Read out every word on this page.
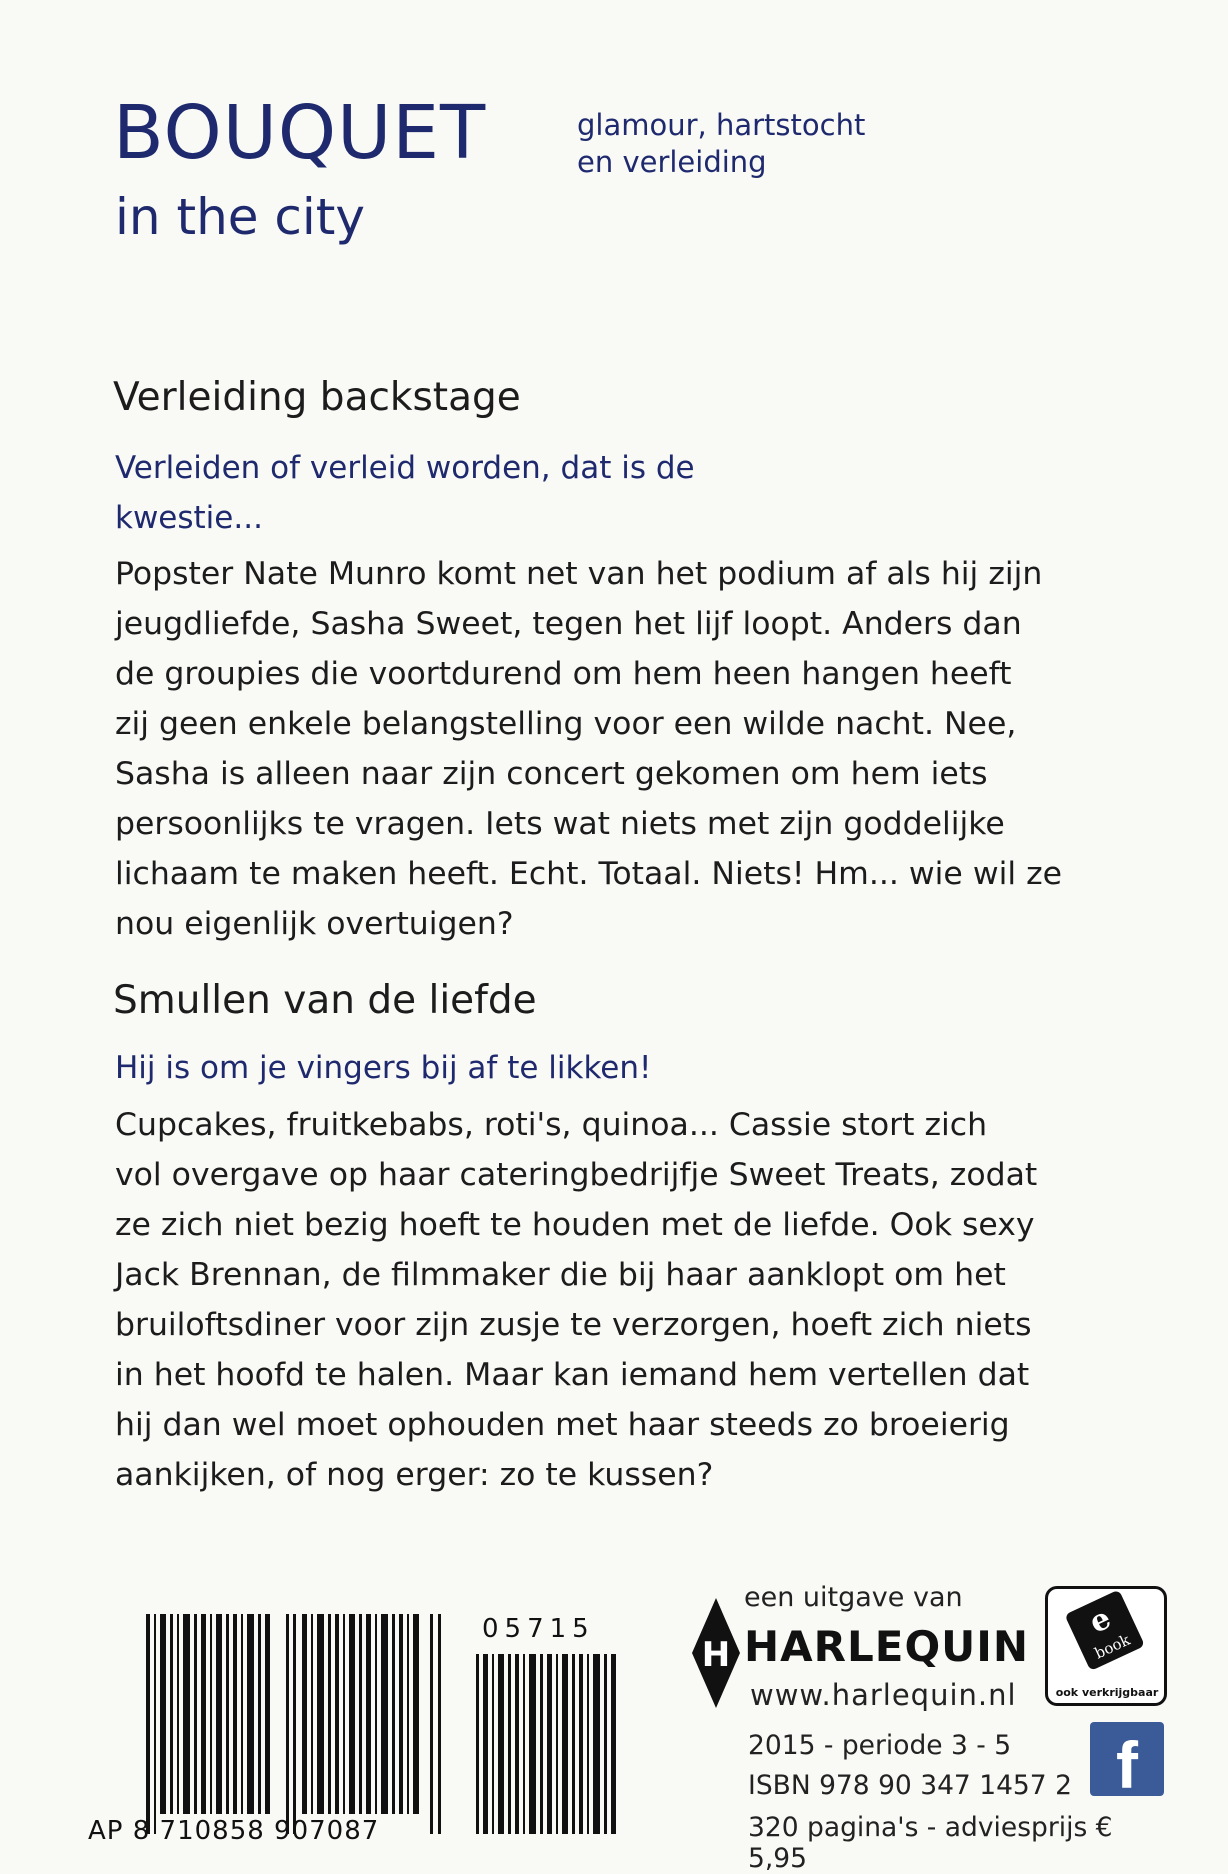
BOUQUET
in the city
glamour, hartstocht
en verleiding
Verleiding backstage
Verleiden of verleid worden, dat is de
kwestie...
Popster Nate Munro komt net van het podium af als hij zijn
jeugdliefde, Sasha Sweet, tegen het lijf loopt. Anders dan
de groupies die voortdurend om hem heen hangen heeft
zij geen enkele belangstelling voor een wilde nacht. Nee,
Sasha is alleen naar zijn concert gekomen om hem iets
persoonlijks te vragen. Iets wat niets met zijn goddelijke
lichaam te maken heeft. Echt. Totaal. Niets! Hm... wie wil ze
nou eigenlijk overtuigen?
Smullen van de liefde
Hij is om je vingers bij af te likken!
Cupcakes, fruitkebabs, roti's, quinoa... Cassie stort zich
vol overgave op haar cateringbedrijfje Sweet Treats, zodat
ze zich niet bezig hoeft te houden met de liefde. Ook sexy
Jack Brennan, de filmmaker die bij haar aanklopt om het
bruiloftsdiner voor zijn zusje te verzorgen, hoeft zich niets
in het hoofd te halen. Maar kan iemand hem vertellen dat
hij dan wel moet ophouden met haar steeds zo broeierig
aankijken, of nog erger: zo te kussen?
AP 8 710858 907087
05715
een uitgave van
H HARLEQUIN
www.harlequin.nl
2015 - periode 3 - 5
ISBN 978 90 347 1457 2
320 pagina's - adviesprijs € 5,95
e
book
ook verkrijgbaar
f
